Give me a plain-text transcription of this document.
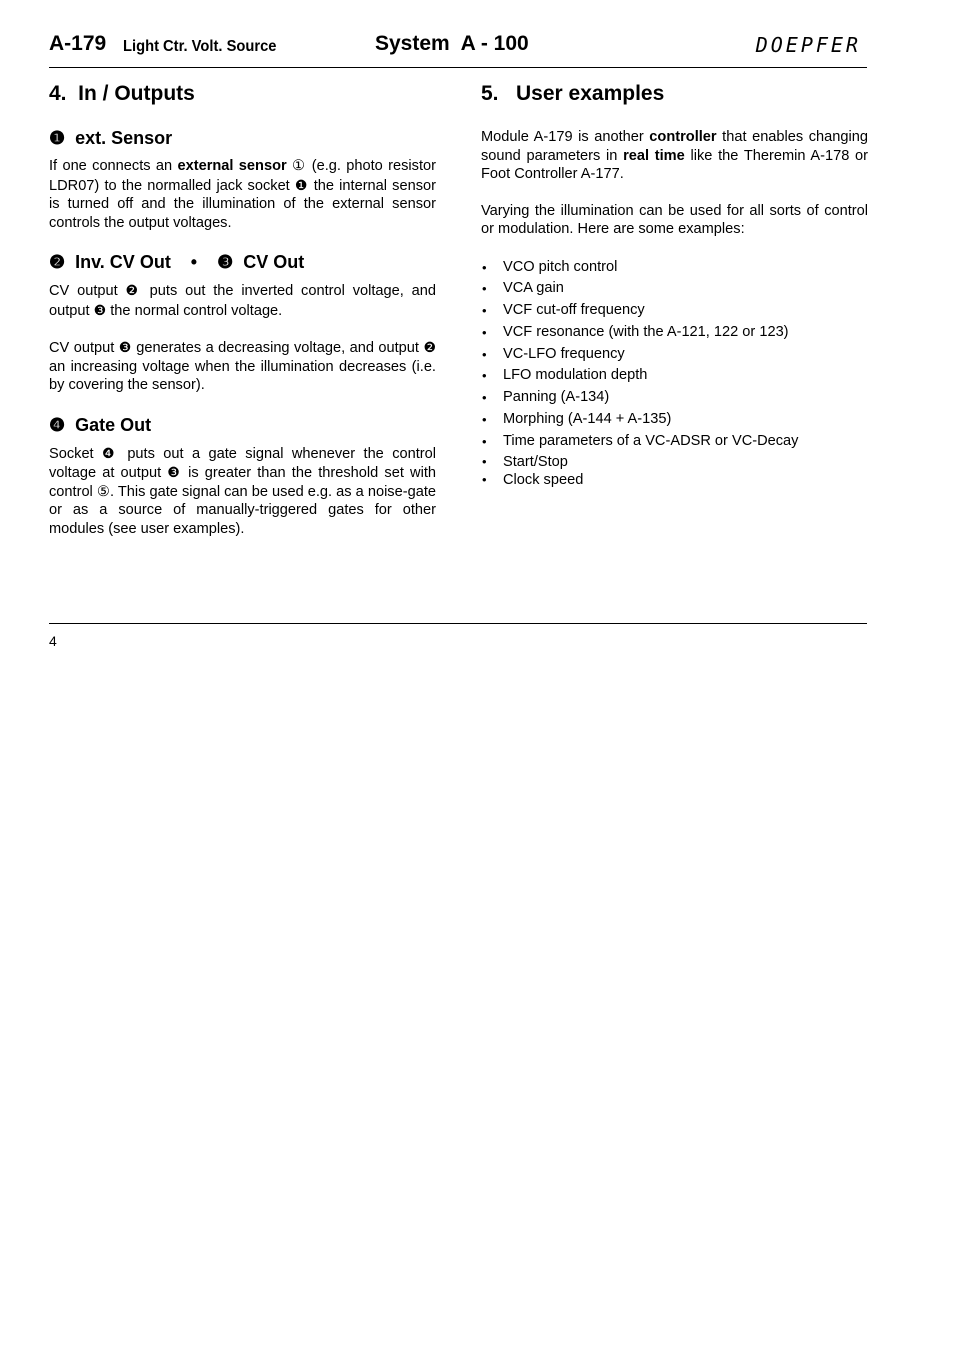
A-179 Light Ctr. Volt. Source	System  A - 100	DOEPFER
4.  In / Outputs
❶  ext. Sensor

If one connects an external sensor ① (e.g. photo resistor LDR07) to the normalled jack socket ❶ the internal sensor is turned off and the illumination of the external sensor controls the output voltages.

❷  Inv. CV Out    •    ❸  CV Out

CV output ❷ puts out the inverted control voltage, and output ❸ the normal control voltage.

CV output ❸ generates a decreasing voltage, and output ❷ an increasing voltage when the illumination decreases (i.e. by covering the sensor).

❹  Gate Out

Socket ❹ puts out a gate signal whenever the control voltage at output ❸ is greater than the threshold set with control ⑤. This gate signal can be used e.g. as a noise-gate or as a source of manually-triggered gates for other modules (see user examples).

5.   User examples

Module A-179 is another controller that enables changing sound parameters in real time like the Theremin A-178 or Foot Controller A-177.

Varying the illumination can be used for all sorts of control or modulation. Here are some examples:

• VCO pitch control
• VCA gain
• VCF cut-off frequency
• VCF resonance (with the A-121, 122 or 123)
• VC-LFO frequency
• LFO modulation depth
• Panning (A-134)
• Morphing (A-144 + A-135)
• Time parameters of a VC-ADSR or VC-Decay
• Start/Stop
• Clock speed
4
